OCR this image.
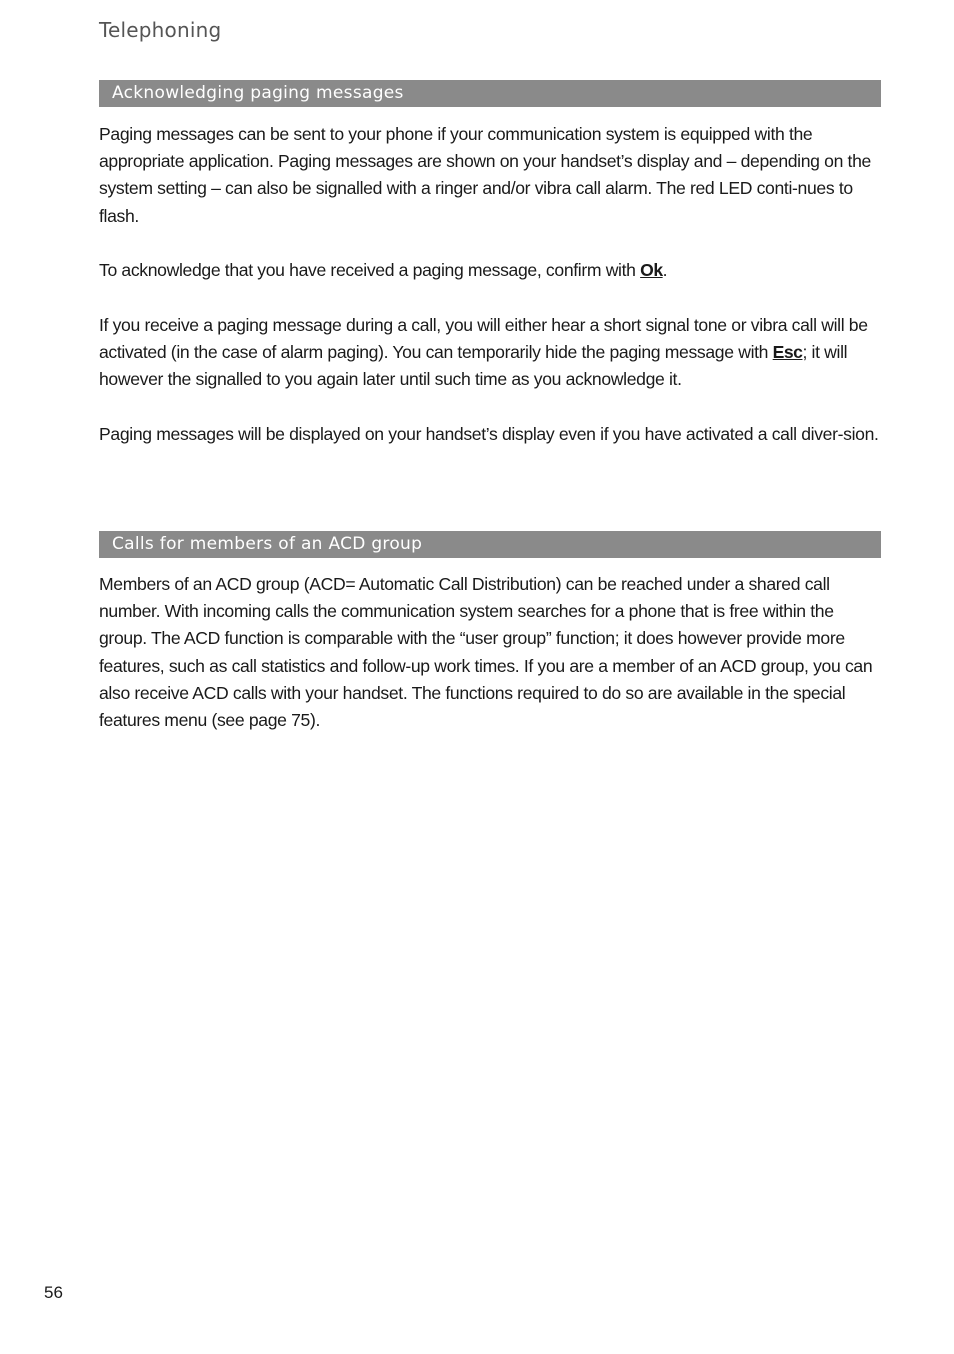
Telephoning
Acknowledging paging messages

Paging messages can be sent to your phone if your communication system is equipped with the appropriate application. Paging messages are shown on your handset’s display and – depending on the system setting – can also be signalled with a ringer and/or vibra call alarm. The red LED conti-nues to flash.

To acknowledge that you have received a paging message, confirm with Ok.

If you receive a paging message during a call, you will either hear a short signal tone or vibra call will be activated (in the case of alarm paging). You can temporarily hide the paging message with Esc; it will however the signalled to you again later until such time as you acknowledge it.

Paging messages will be displayed on your handset’s display even if you have activated a call diver-sion.

Calls for members of an ACD group

Members of an ACD group (ACD= Automatic Call Distribution) can be reached under a shared call number. With incoming calls the communication system searches for a phone that is free within the group. The ACD function is comparable with the “user group” function; it does however provide more features, such as call statistics and follow-up work times. If you are a member of an ACD group, you can also receive ACD calls with your handset. The functions required to do so are available in the special features menu (see page 75).

56
